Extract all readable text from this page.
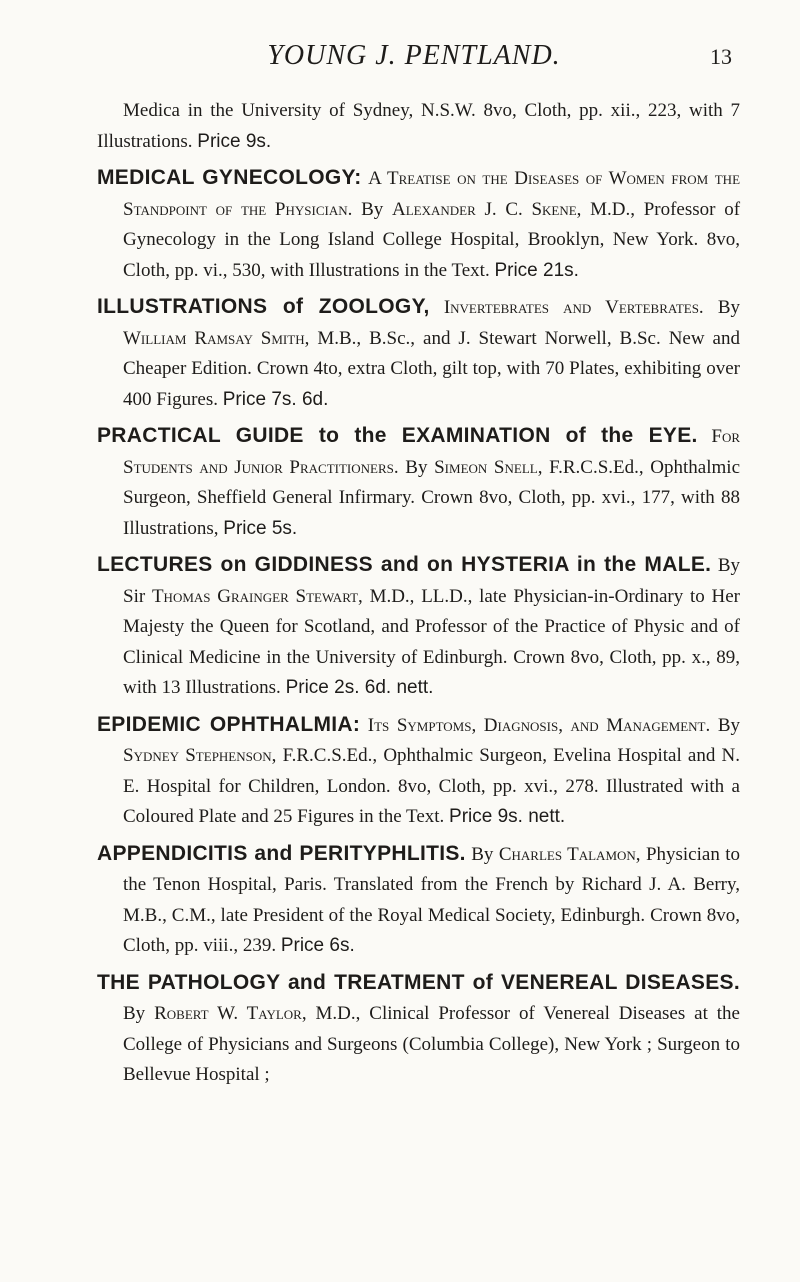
YOUNG J. PENTLAND.	13

Medica in the University of Sydney, N.S.W. 8vo, Cloth, pp. xii., 223, with 7 Illustrations. Price 9s.

MEDICAL GYNECOLOGY: A Treatise on the Diseases of Women from the Standpoint of the Physician. By Alexander J. C. Skene, M.D., Professor of Gynecology in the Long Island College Hospital, Brooklyn, New York. 8vo, Cloth, pp. vi., 530, with Illustrations in the Text. Price 21s.

ILLUSTRATIONS of ZOOLOGY, Invertebrates and Vertebrates. By William Ramsay Smith, M.B., B.Sc., and J. Stewart Norwell, B.Sc. New and Cheaper Edition. Crown 4to, extra Cloth, gilt top, with 70 Plates, exhibiting over 400 Figures. Price 7s. 6d.

PRACTICAL GUIDE to the EXAMINATION of the EYE. For Students and Junior Practitioners. By Simeon Snell, F.R.C.S.Ed., Ophthalmic Surgeon, Sheffield General Infirmary. Crown 8vo, Cloth, pp. xvi., 177, with 88 Illustrations, Price 5s.

LECTURES on GIDDINESS and on HYSTERIA in the MALE. By Sir Thomas Grainger Stewart, M.D., LL.D., late Physician-in-Ordinary to Her Majesty the Queen for Scotland, and Professor of the Practice of Physic and of Clinical Medicine in the University of Edinburgh. Crown 8vo, Cloth, pp. x., 89, with 13 Illustrations. Price 2s. 6d. nett.

EPIDEMIC OPHTHALMIA: Its Symptoms, Diagnosis, and Management. By Sydney Stephenson, F.R.C.S.Ed., Ophthalmic Surgeon, Evelina Hospital and N. E. Hospital for Children, London. 8vo, Cloth, pp. xvi., 278. Illustrated with a Coloured Plate and 25 Figures in the Text. Price 9s. nett.

APPENDICITIS and PERITYPHLITIS. By Charles Talamon, Physician to the Tenon Hospital, Paris. Translated from the French by Richard J. A. Berry, M.B., C.M., late President of the Royal Medical Society, Edinburgh. Crown 8vo, Cloth, pp. viii., 239. Price 6s.

THE PATHOLOGY and TREATMENT of VENEREAL DISEASES. By Robert W. Taylor, M.D., Clinical Professor of Venereal Diseases at the College of Physicians and Surgeons (Columbia College), New York ; Surgeon to Bellevue Hospital ;
